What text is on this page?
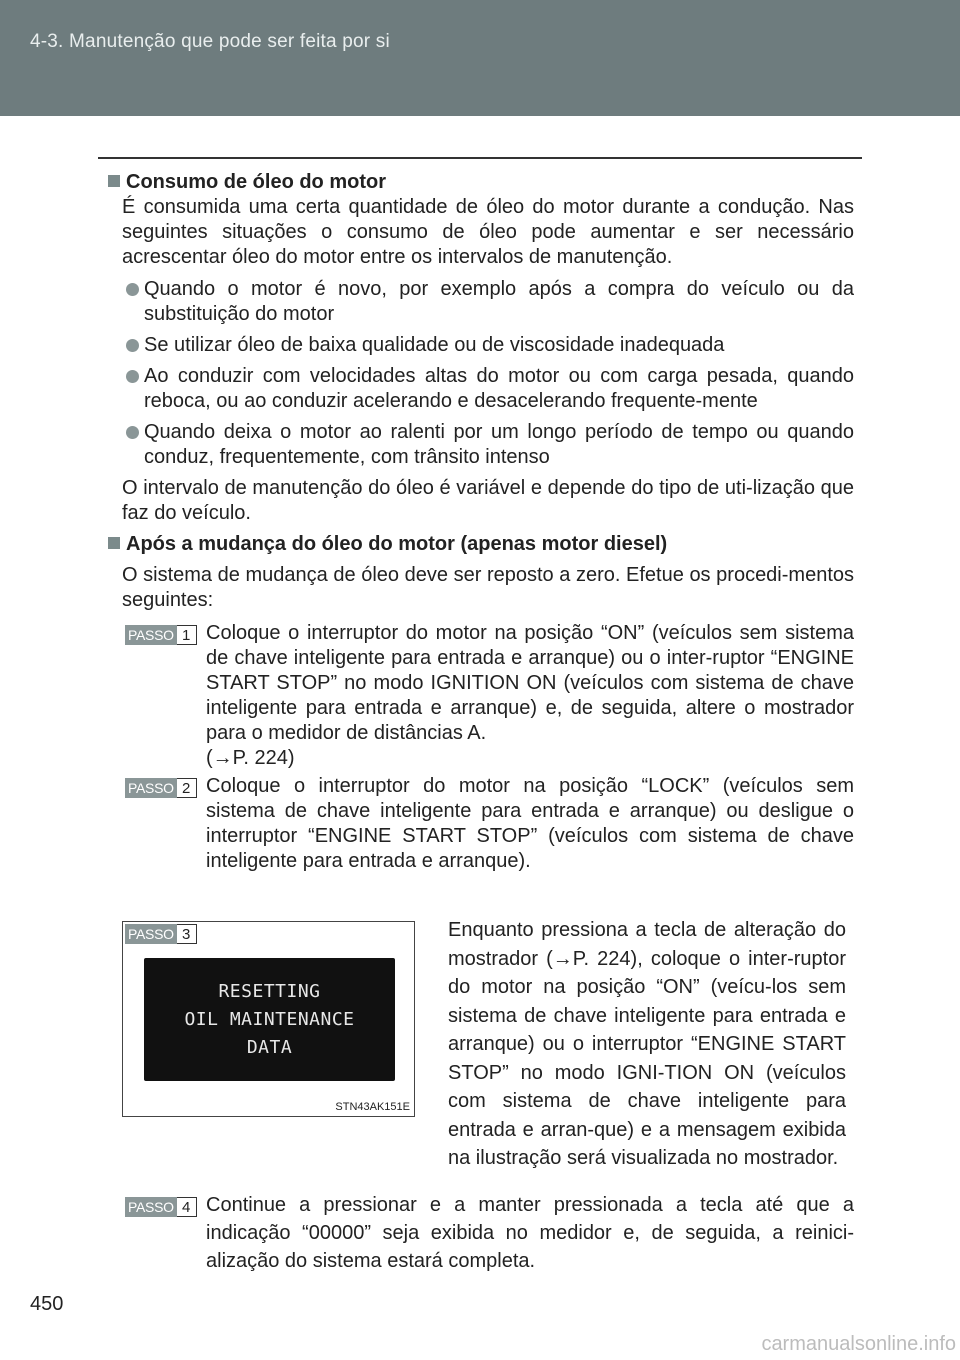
4-3. Manutenção que pode ser feita por si

Consumo de óleo do motor

É consumida uma certa quantidade de óleo do motor durante a condução. Nas seguintes situações o consumo de óleo pode aumentar e ser necessário acrescentar óleo do motor entre os intervalos de manutenção.

Quando o motor é novo, por exemplo após a compra do veículo ou da substituição do motor

Se utilizar óleo de baixa qualidade ou de viscosidade inadequada

Ao conduzir com velocidades altas do motor ou com carga pesada, quando reboca, ou ao conduzir acelerando e desacelerando frequente-mente

Quando deixa o motor ao ralenti por um longo período de tempo ou quando conduz, frequentemente, com trânsito intenso

O intervalo de manutenção do óleo é variável e depende do tipo de uti-lização que faz do veículo.

Após a mudança do óleo do motor (apenas motor diesel)

O sistema de mudança de óleo deve ser reposto a zero. Efetue os procedi-mentos seguintes:

PASSO 1 Coloque o interruptor do motor na posição “ON” (veículos sem sistema de chave inteligente para entrada e arranque) ou o inter-ruptor “ENGINE START STOP” no modo IGNITION ON (veículos com sistema de chave inteligente para entrada e arranque) e, de seguida, altere o mostrador para o medidor de distâncias A.
(→P. 224)
PASSO 2 Coloque o interruptor do motor na posição “LOCK” (veículos sem sistema de chave inteligente para entrada e arranque) ou desligue o interruptor “ENGINE START STOP” (veículos com sistema de chave inteligente para entrada e arranque).
PASSO 3
RESETTING
OIL MAINTENANCE
DATA
STN43AK151E
Enquanto pressiona a tecla de alteração do mostrador (→P. 224), coloque o inter-ruptor do motor na posição “ON” (veícu-los sem sistema de chave inteligente para entrada e arranque) ou o interruptor “ENGINE START STOP” no modo IGNI-TION ON (veículos com sistema de chave inteligente para entrada e arran-que) e a mensagem exibida na ilustração será visualizada no mostrador.
PASSO 4 Continue a pressionar e a manter pressionada a tecla até que a indicação “00000” seja exibida no medidor e, de seguida, a reinici-alização do sistema estará completa.
450
carmanualsonline.info
